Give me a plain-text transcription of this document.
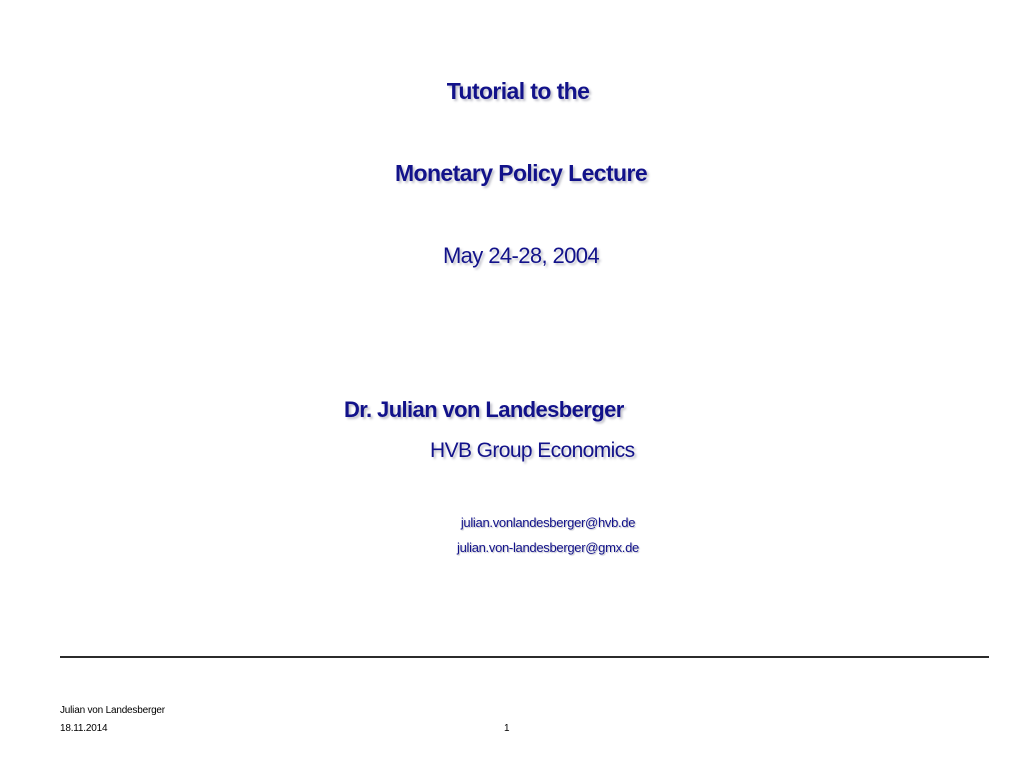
Tutorial to the
Monetary Policy Lecture
May 24-28, 2004
Dr. Julian von Landesberger
HVB Group Economics
julian.vonlandesberger@hvb.de
julian.von-landesberger@gmx.de
Julian von Landesberger
18.11.2014	1
